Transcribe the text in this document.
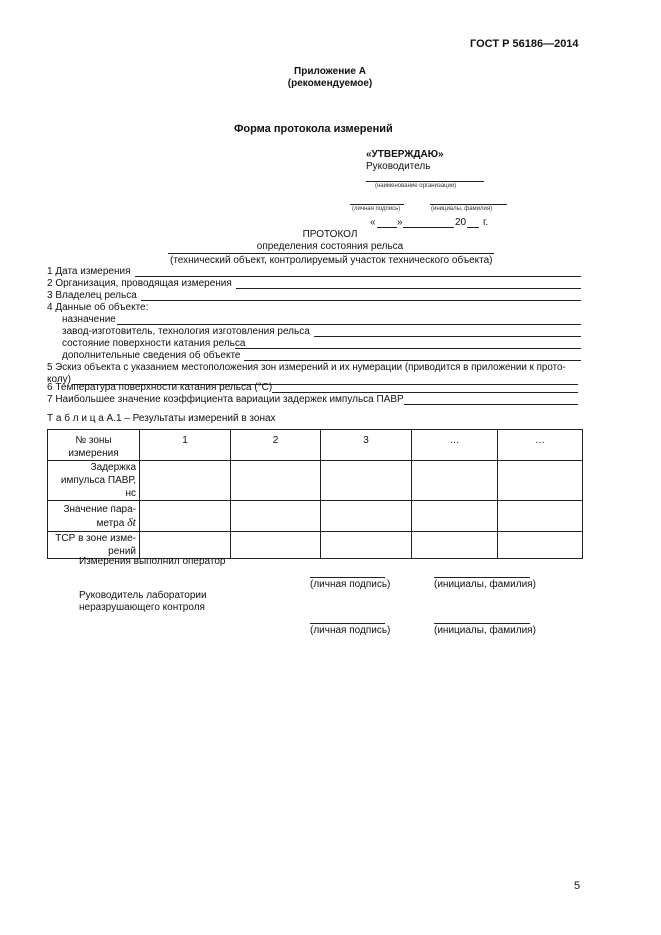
ГОСТ Р 56186—2014
Приложение А
(рекомендуемое)
Форма протокола измерений
«УТВЕРЖДАЮ»
Руководитель
(наименование организации)
(личная подпись)	(инициалы, фамилия)
« »	20 г.
ПРОТОКОЛ
определения состояния рельса
(технический объект, контролируемый участок технического объекта)
1 Дата измерения
2 Организация, проводящая измерения
3 Владелец рельса
4 Данные об объекте:
назначение
завод-изготовитель, технология изготовления рельса
состояние поверхности катания рельса
дополнительные сведения об объекте
5 Эскиз объекта с указанием местоположения зон измерений и их нумерации (приводится в приложении к прото-
колу)
6 Температура поверхности катания рельса (°С)
7 Наибольшее значение коэффициента вариации задержек импульса ПАВР
Т а б л и ц а А.1 – Результаты измерений в зонах
№ зоны
измерения	1	2	3	…	…
Задержка
импульса ПАВР, нс					
Значение пара-
метра δt					
ТСР в зоне изме-
рений					
Измерения выполнил оператор
(личная подпись)	(инициалы, фамилия)
Руководитель лаборатории
неразрушающего контроля
(личная подпись)	(инициалы, фамилия)
5
